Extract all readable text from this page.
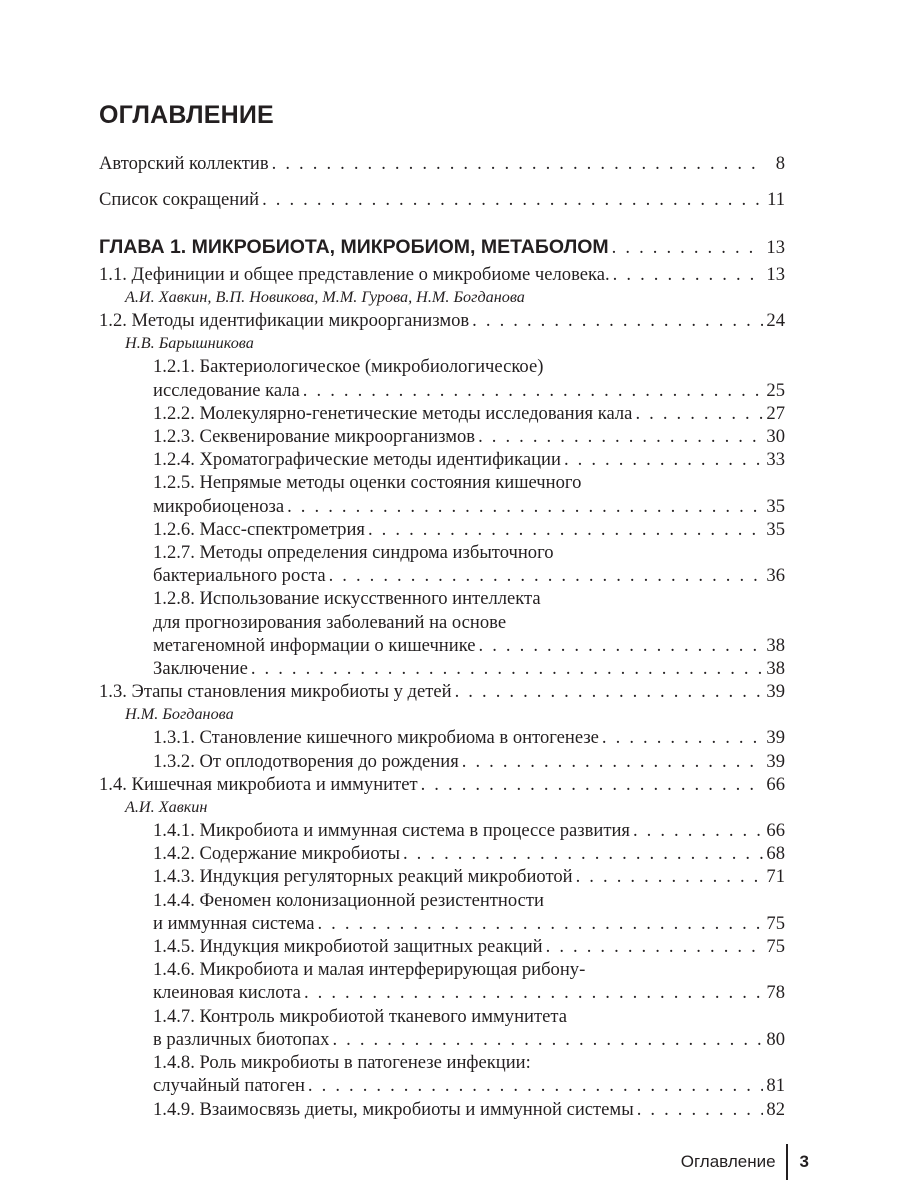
ОГЛАВЛЕНИЕ
Авторский коллектив . . .	8
Список сокращений . . .	11
ГЛАВА 1. МИКРОБИОТА, МИКРОБИОМ, МЕТАБОЛОМ . . .	13
1.1. Дефиниции и общее представление о микробиоме человека. . . .	13
А.И. Хавкин, В.П. Новикова, М.М. Гурова, Н.М. Богданова
1.2. Методы идентификации микроорганизмов . . .	24
Н.В. Барышникова
1.2.1. Бактериологическое (микробиологическое)
исследование кала . . .	25
1.2.2. Молекулярно-генетические методы исследования кала . . .	27
1.2.3. Секвенирование микроорганизмов . . .	30
1.2.4. Хроматографические методы идентификации . . .	33
1.2.5. Непрямые методы оценки состояния кишечного
микробиоценоза . . .	35
1.2.6. Масс-спектрометрия . . .	35
1.2.7. Методы определения синдрома избыточного
бактериального роста . . .	36
1.2.8. Использование искусственного интеллекта
для прогнозирования заболеваний на основе
метагеномной информации о кишечнике . . .	38
Заключение . . .	38
1.3. Этапы становления микробиоты у детей . . .	39
Н.М. Богданова
1.3.1. Становление кишечного микробиома в онтогенезе . . .	39
1.3.2. От оплодотворения до рождения . . .	39
1.4. Кишечная микробиота и иммунитет . . .	66
А.И. Хавкин
1.4.1. Микробиота и иммунная система в процессе развития . . .	66
1.4.2. Содержание микробиоты . . .	68
1.4.3. Индукция регуляторных реакций микробиотой . . .	71
1.4.4. Феномен колонизационной резистентности
и иммунная система . . .	75
1.4.5. Индукция микробиотой защитных реакций . . .	75
1.4.6. Микробиота и малая интерферирующая рибону-
клеиновая кислота . . .	78
1.4.7. Контроль микробиотой тканевого иммунитета
в различных биотопах . . .	80
1.4.8. Роль микробиоты в патогенезе инфекции:
случайный патоген . . .	81
1.4.9. Взаимосвязь диеты, микробиоты и иммунной системы . . .	82
Оглавление	3
